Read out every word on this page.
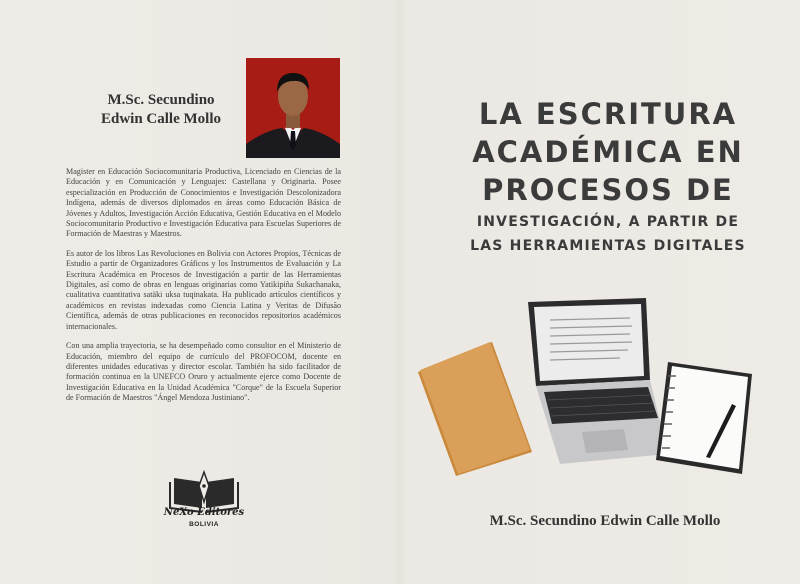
M.Sc. Secundino
Edwin Calle Mollo

Magister en Educación Sociocomunitaria Productiva, Licenciado en Ciencias de la Educación y en Comunicación y Lenguajes: Castellana y Originaria. Posee especialización en Producción de Conocimientos e Investigación Descolonizadora Indígena, además de diversos diplomados en áreas como Educación Básica de Jóvenes y Adultos, Investigación Acción Educativa, Gestión Educativa en el Modelo Sociocomunitario Productivo e Investigación Educativa para Escuelas Superiores de Formación de Maestras y Maestros.

Es autor de los libros Las Revoluciones en Bolivia con Actores Propios, Técnicas de Estudio a partir de Organizadores Gráficos y los Instrumentos de Evaluación y La Escritura Académica en Procesos de Investigación a partir de las Herramientas Digitales, así como de obras en lenguas originarias como Yatikipiña Sukachanaka, cualitativa cuantitativa satäki uksa tuqinakata. Ha publicado artículos científicos y académicos en revistas indexadas como Ciencia Latina y Veritas de Difusão Científica, además de otras publicaciones en reconocidos repositorios académicos internacionales.

Con una amplia trayectoria, se ha desempeñado como consultor en el Ministerio de Educación, miembro del equipo de currículo del PROFOCOM, docente en diferentes unidades educativas y director escolar. También ha sido facilitador de formación continua en la UNEFCO Oruro y actualmente ejerce como Docente de Investigación Educativa en la Unidad Académica "Corque" de la Escuela Superior de Formación de Maestros "Ángel Mendoza Justiniano".

NeXo Editores
BOLIVIA
LA ESCRITURA
ACADÉMICA EN
PROCESOS DE
INVESTIGACIÓN, A PARTIR DE
LAS HERRAMIENTAS DIGITALES
M.Sc. Secundino Edwin Calle Mollo
